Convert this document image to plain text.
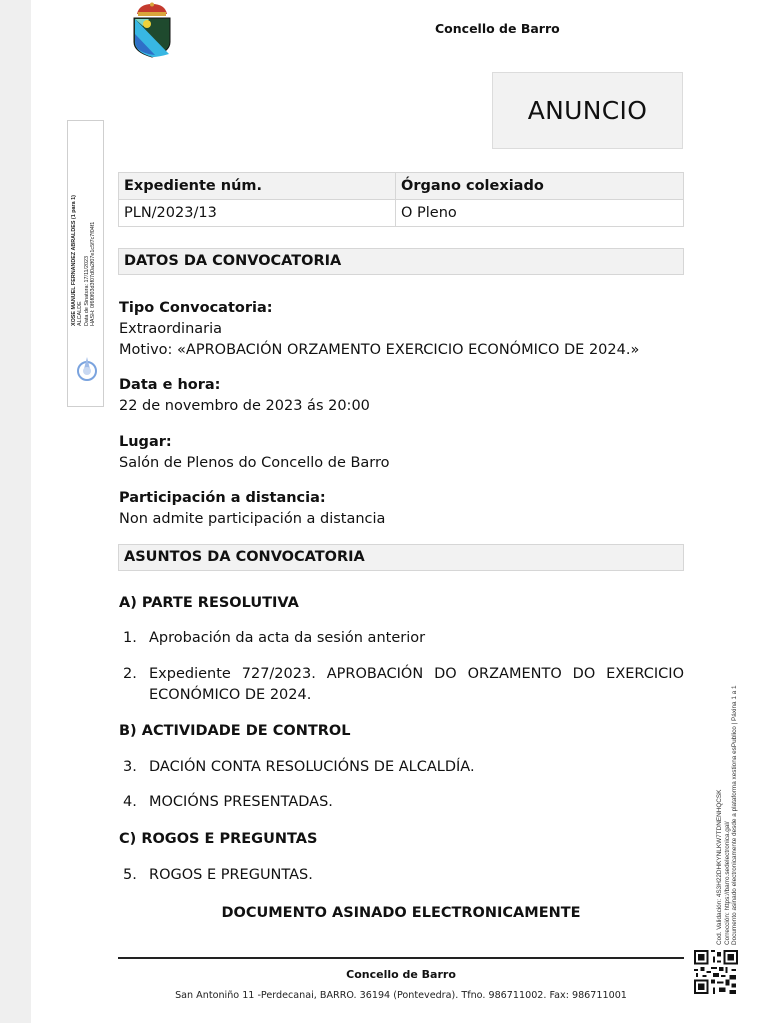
Concello de Barro
ANUNCIO
XOSE MANUEL FERNANDEZ ABRALDES (1 para 1) ALCALDE Data de Sinatura: 17/11/2023 HASH: 0f6f0f03d3f07d0a2f07e1c5f7c7f04f1
Expediente núm.	Órgano colexiado
PLN/2023/13	O Pleno
DATOS DA CONVOCATORIA
Tipo Convocatoria:
Extraordinaria
Motivo: «APROBACIÓN ORZAMENTO EXERCICIO ECONÓMICO DE 2024.»
Data e hora:
22 de novembro de 2023 ás 20:00
Lugar:
Salón de Plenos do Concello de Barro
Participación a distancia:
Non admite participación a distancia
ASUNTOS DA CONVOCATORIA
A) PARTE RESOLUTIVA
1. Aprobación da acta da sesión anterior
2. Expediente 727/2023. APROBACIÓN DO ORZAMENTO DO EXERCICIO ECONÓMICO DE 2024.
B) ACTIVIDADE DE CONTROL
3. DACIÓN CONTA RESOLUCIÓNS DE ALCALDÍA.
4. MOCIÓNS PRESENTADAS.
C) ROGOS E PREGUNTAS
5. ROGOS E PREGUNTAS.
DOCUMENTO ASINADO ELECTRONICAMENTE
Concello de Barro
San Antoniño 11 -Perdecanai, BARRO. 36194 (Pontevedra). Tfno. 986711002. Fax: 986711001
Cod. Validación: 4S3H22DHKYNLKW7TDNENHQCSK Corrección: https://barro.sedelectronica.gal/ Documento asinado electronicamente desde a plataforma xestiona esPublico | Páxina 1 a 1
